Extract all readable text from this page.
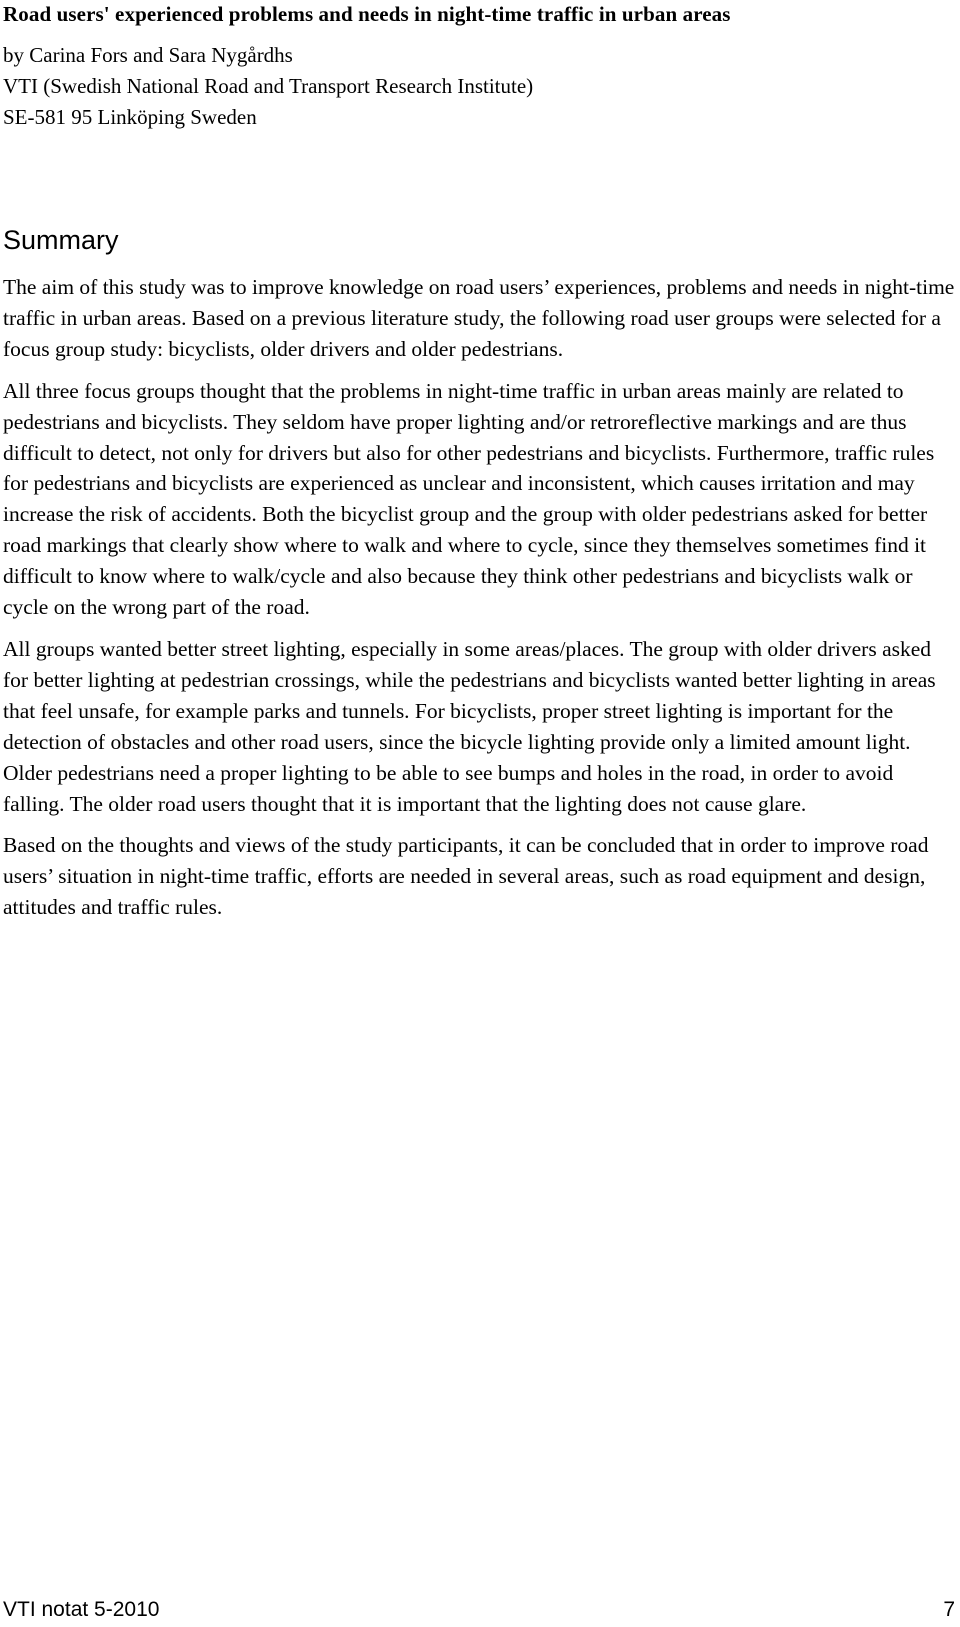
Road users' experienced problems and needs in night-time traffic in urban areas
by Carina Fors and Sara Nygårdhs
VTI (Swedish National Road and Transport Research Institute)
SE-581 95 Linköping Sweden
Summary

The aim of this study was to improve knowledge on road users’ experiences, problems and needs in night-time traffic in urban areas. Based on a previous literature study, the following road user groups were selected for a focus group study: bicyclists, older drivers and older pedestrians.

All three focus groups thought that the problems in night-time traffic in urban areas mainly are related to pedestrians and bicyclists. They seldom have proper lighting and/or retroreflective markings and are thus difficult to detect, not only for drivers but also for other pedestrians and bicyclists. Furthermore, traffic rules for pedestrians and bicyclists are experienced as unclear and inconsistent, which causes irritation and may increase the risk of accidents. Both the bicyclist group and the group with older pedestrians asked for better road markings that clearly show where to walk and where to cycle, since they themselves sometimes find it difficult to know where to walk/cycle and also because they think other pedestrians and bicyclists walk or cycle on the wrong part of the road.

All groups wanted better street lighting, especially in some areas/places. The group with older drivers asked for better lighting at pedestrian crossings, while the pedestrians and bicyclists wanted better lighting in areas that feel unsafe, for example parks and tunnels. For bicyclists, proper street lighting is important for the detection of obstacles and other road users, since the bicycle lighting provide only a limited amount light. Older pedestrians need a proper lighting to be able to see bumps and holes in the road, in order to avoid falling. The older road users thought that it is important that the lighting does not cause glare.

Based on the thoughts and views of the study participants, it can be concluded that in order to improve road users’ situation in night-time traffic, efforts are needed in several areas, such as road equipment and design, attitudes and traffic rules.

VTI notat 5-2010	7
